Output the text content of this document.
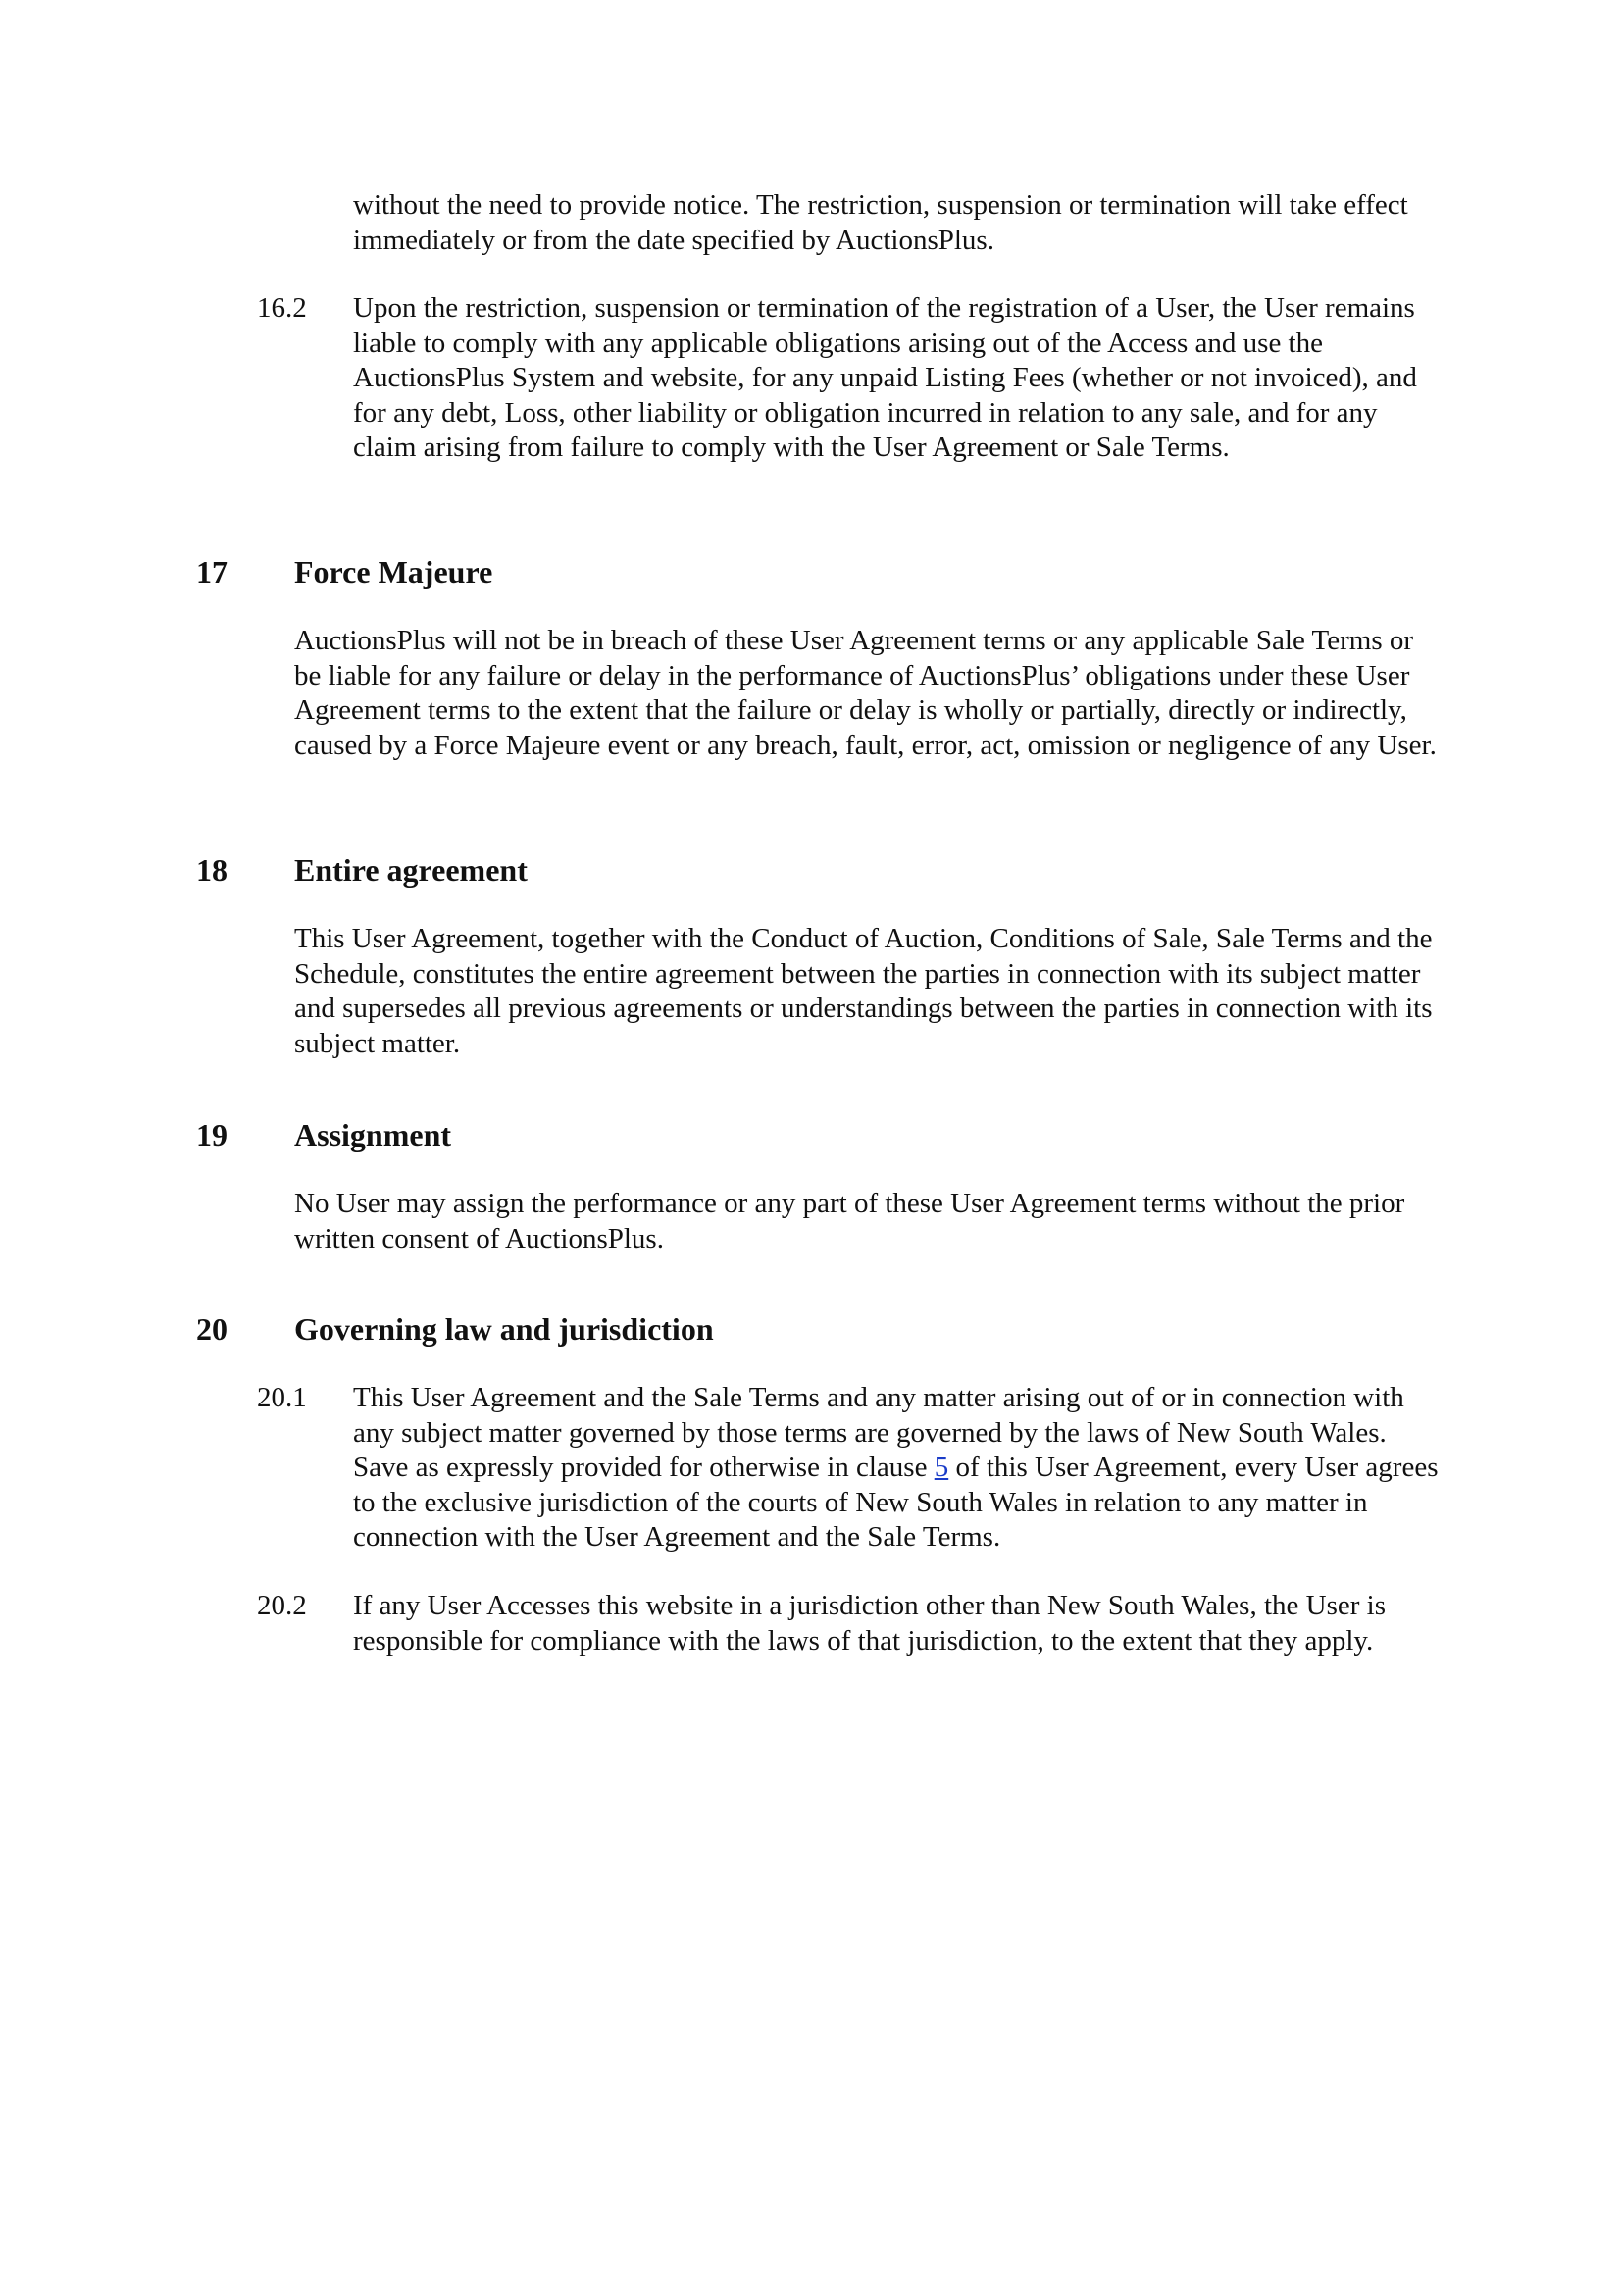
without the need to provide notice. The restriction, suspension or termination will take effect immediately or from the date specified by AuctionsPlus.

16.2 Upon the restriction, suspension or termination of the registration of a User, the User remains liable to comply with any applicable obligations arising out of the Access and use the AuctionsPlus System and website, for any unpaid Listing Fees (whether or not invoiced), and for any debt, Loss, other liability or obligation incurred in relation to any sale, and for any claim arising from failure to comply with the User Agreement or Sale Terms.

17 Force Majeure

AuctionsPlus will not be in breach of these User Agreement terms or any applicable Sale Terms or be liable for any failure or delay in the performance of AuctionsPlus’ obligations under these User Agreement terms to the extent that the failure or delay is wholly or partially, directly or indirectly, caused by a Force Majeure event or any breach, fault, error, act, omission or negligence of any User.

18 Entire agreement

This User Agreement, together with the Conduct of Auction, Conditions of Sale, Sale Terms and the Schedule, constitutes the entire agreement between the parties in connection with its subject matter and supersedes all previous agreements or understandings between the parties in connection with its subject matter.

19 Assignment

No User may assign the performance or any part of these User Agreement terms without the prior written consent of AuctionsPlus.

20 Governing law and jurisdiction

20.1 This User Agreement and the Sale Terms and any matter arising out of or in connection with any subject matter governed by those terms are governed by the laws of New South Wales. Save as expressly provided for otherwise in clause 5 of this User Agreement, every User agrees to the exclusive jurisdiction of the courts of New South Wales in relation to any matter in connection with the User Agreement and the Sale Terms.

20.2 If any User Accesses this website in a jurisdiction other than New South Wales, the User is responsible for compliance with the laws of that jurisdiction, to the extent that they apply.
